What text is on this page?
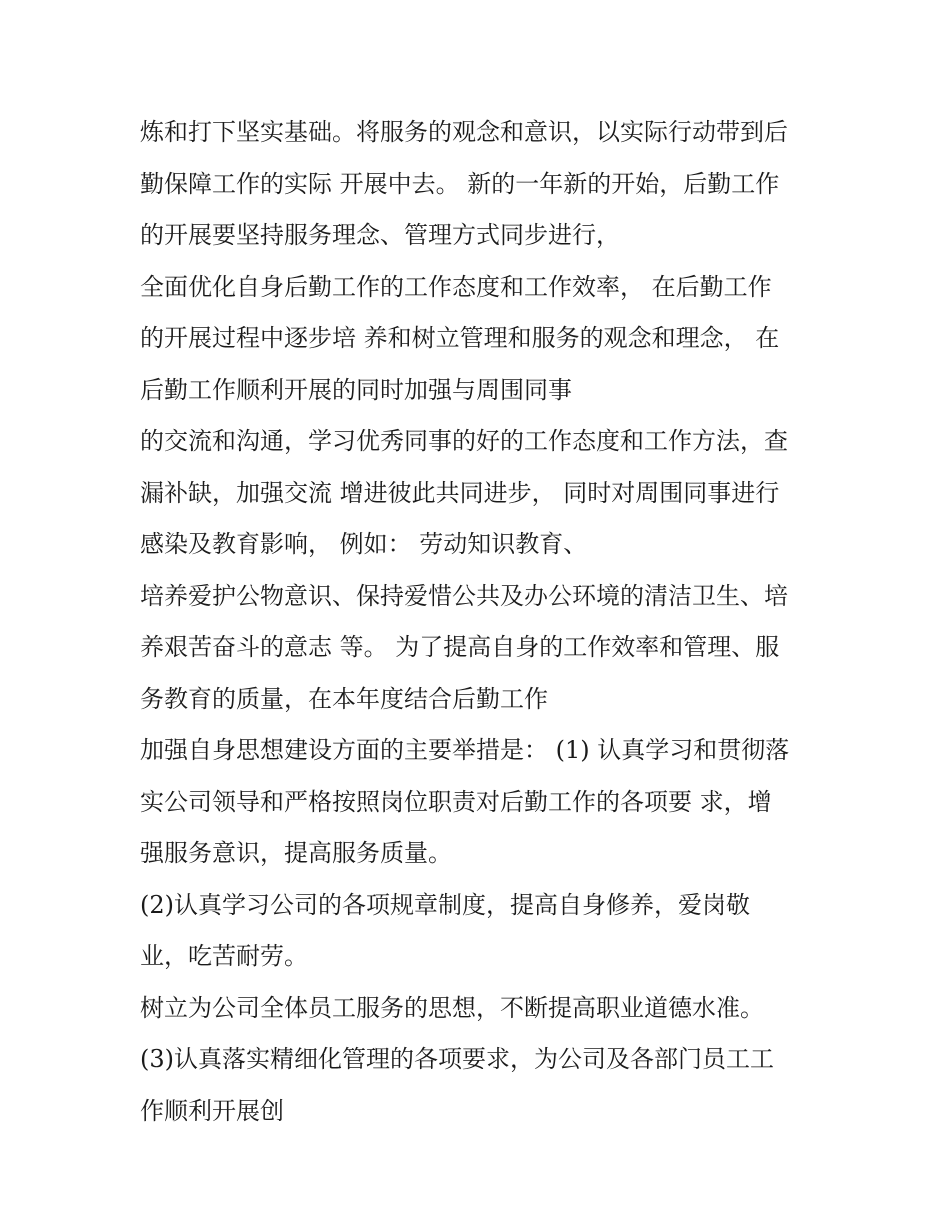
炼和打下坚实基础。将服务的观念和意识，以实际行动带到后
勤保障工作的实际 开展中去。 新的一年新的开始，后勤工作
的开展要坚持服务理念、管理方式同步进行，
全面优化自身后勤工作的工作态度和工作效率， 在后勤工作
的开展过程中逐步培 养和树立管理和服务的观念和理念， 在
后勤工作顺利开展的同时加强与周围同事
的交流和沟通，学习优秀同事的好的工作态度和工作方法，查
漏补缺，加强交流 增进彼此共同进步， 同时对周围同事进行
感染及教育影响， 例如： 劳动知识教育、
培养爱护公物意识、保持爱惜公共及办公环境的清洁卫生、培
养艰苦奋斗的意志 等。 为了提高自身的工作效率和管理、服
务教育的质量，在本年度结合后勤工作
加强自身思想建设方面的主要举措是： (1) 认真学习和贯彻落
实公司领导和严格按照岗位职责对后勤工作的各项要 求，增
强服务意识，提高服务质量。
(2)认真学习公司的各项规章制度，提高自身修养，爱岗敬
业，吃苦耐劳。
树立为公司全体员工服务的思想，不断提高职业道德水准。
(3)认真落实精细化管理的各项要求，为公司及各部门员工工
作顺利开展创
